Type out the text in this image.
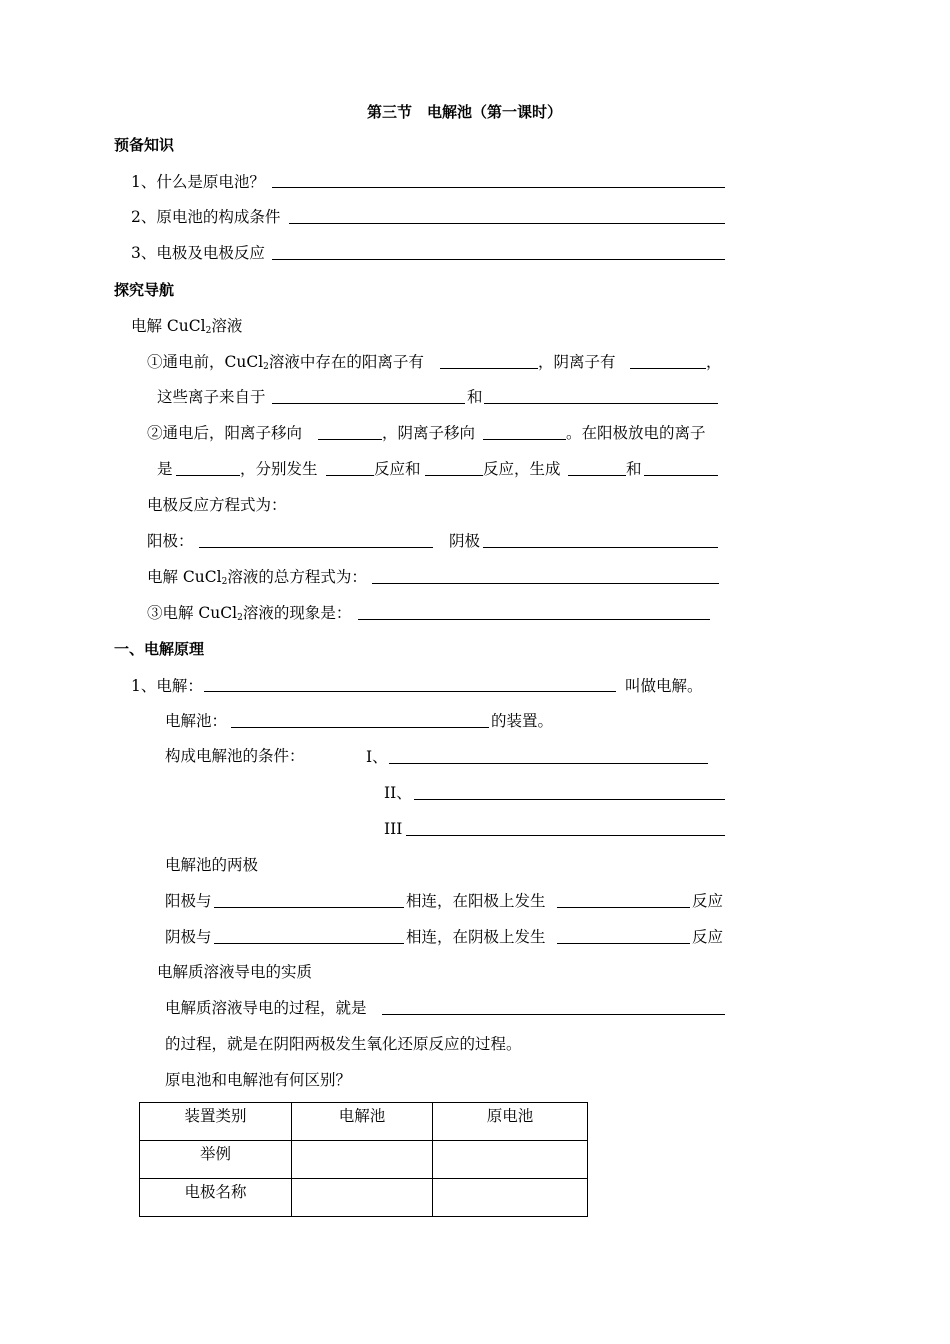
第三节　电解池（第一课时）
预备知识
1、什么是原电池？
2、原电池的构成条件
3、电极及电极反应
探究导航
电解 CuCl$_2$溶液
①通电前，CuCl$_2$溶液中存在的阳离子有	，阴离子有	，
这些离子来自于	和
②通电后，阳离子移向	，阴离子移向	。在阳极放电的离子
是	，分别发生	反应和	反应，生成	和
电极反应方程式为：
阳极：	阴极
电解 CuCl$_2$溶液的总方程式为：
③电解 CuCl$_2$溶液的现象是：
一、电解原理
1、电解：	叫做电解。
电解池：	的装置。
构成电解池的条件：	I、
II、
III
电解池的两极
阳极与	相连，在阳极上发生	反应
阴极与	相连，在阴极上发生	反应
电解质溶液导电的实质
电解质溶液导电的过程，就是
的过程，就是在阴阳两极发生氧化还原反应的过程。
原电池和电解池有何区别？
装置类别	电解池	原电池
举例		
电极名称		
